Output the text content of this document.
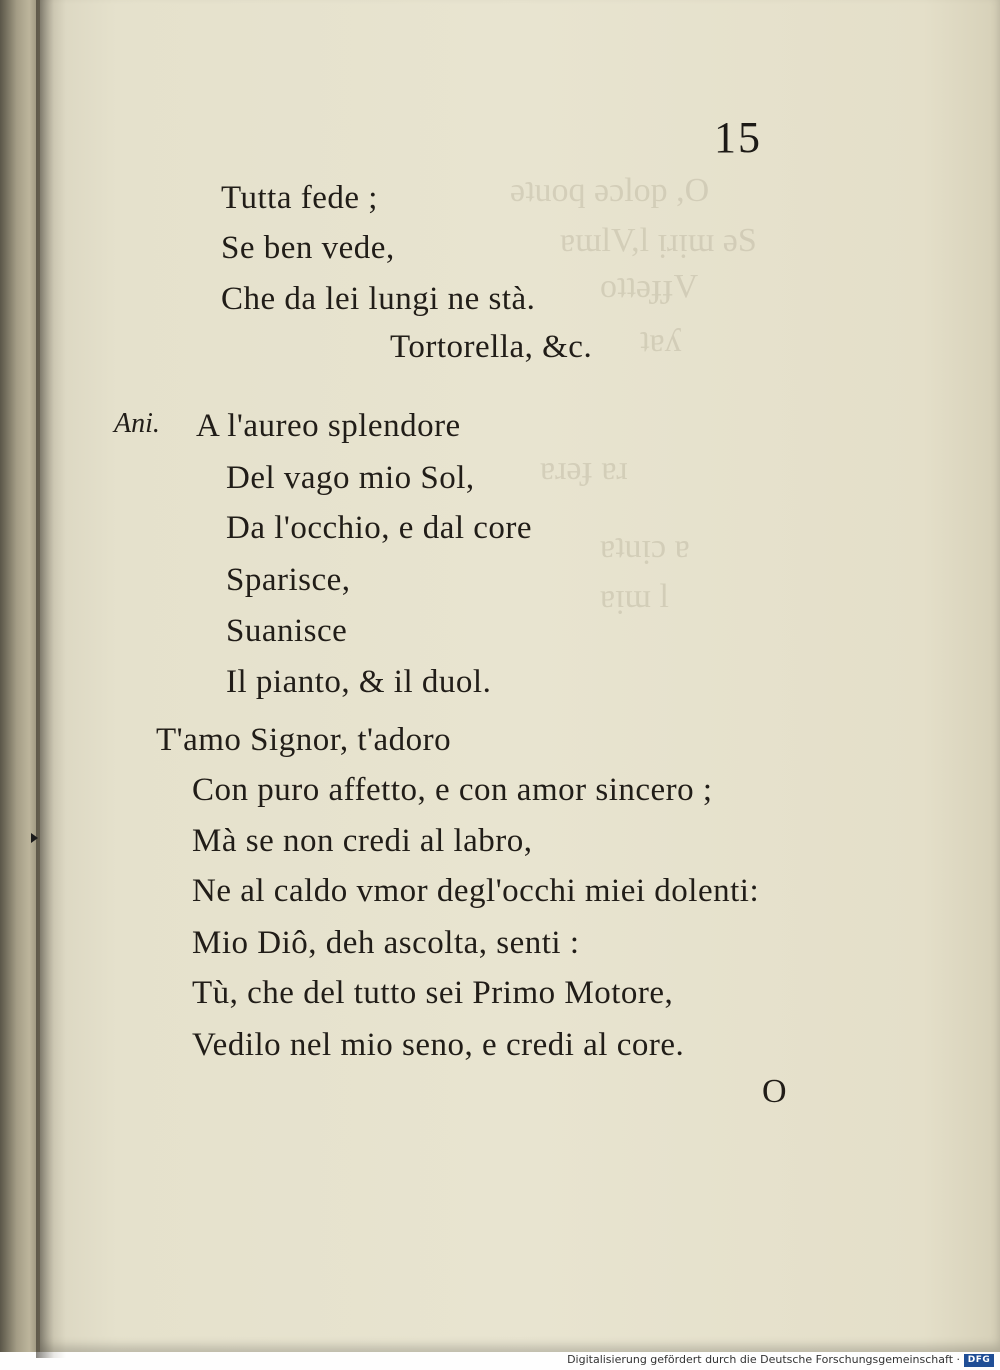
ǝʇuoq ǝɔlop ,O
ɐɯlV,l ᴉɹᴉɯ ǝS
oʇʇǝɟɟV
ʇɐʎ
ɐɹǝɟ ɐɹ
ɐʇuᴉɔ ɐ
ɐᴉɯ l
15
Tutta fede ;
Se ben vede,
Che da lei lungi ne stà.
Tortorella, &c.
Ani. A l'aureo splendore
Del vago mio Sol,
Da l'occhio, e dal core
Sparisce,
Suanisce
Il pianto, & il duol.
T'amo Signor, t'adoro
Con puro affetto, e con amor sincero ;
Mà se non credi al labro,
Ne al caldo vmor degl'occhi miei dolenti:
Mio Diô, deh ascolta, senti :
Tù, che del tutto sei Primo Motore,
Vedilo nel mio seno, e credi al core.
O
Digitalisierung gefördert durch die Deutsche Forschungsgemeinschaft · DFG
